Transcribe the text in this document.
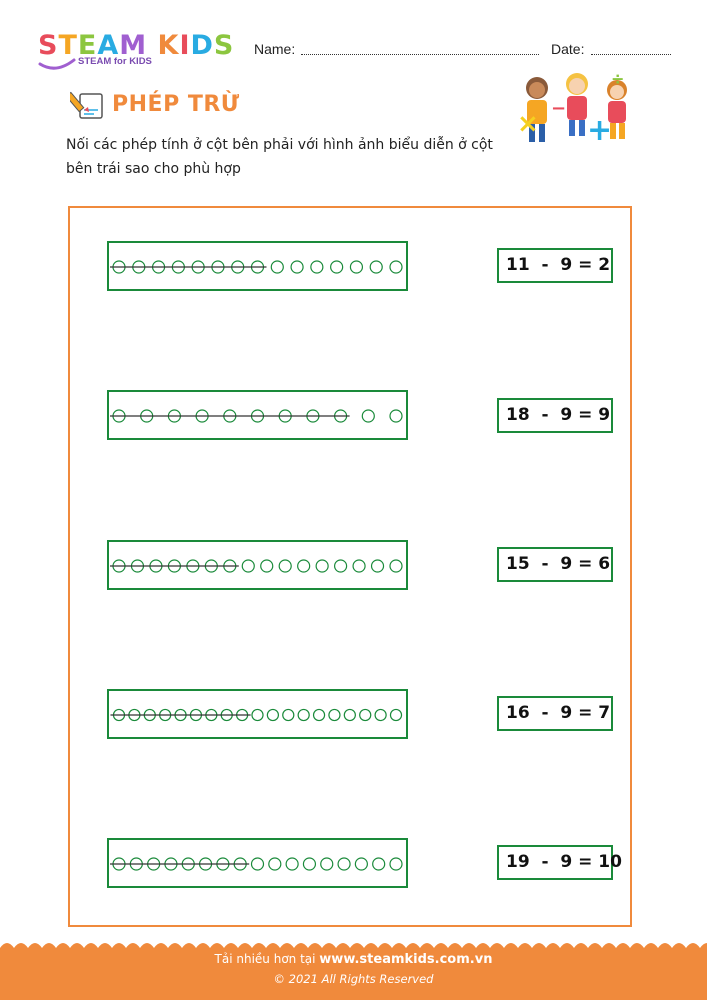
STEAM KIDS
STEAM for KIDS
Name:	Date:
PHÉP TRỪ
Nối các phép tính ở cột bên phải với hình ảnh biểu diễn ở cột bên trái sao cho phù hợp
×
−
+
÷
11  -  9 = 2
18  -  9 = 9
15  -  9 = 6
16  -  9 = 7
19  -  9 = 10
Tải nhiều hơn tại www.steamkids.com.vn
© 2021 All Rights Reserved
